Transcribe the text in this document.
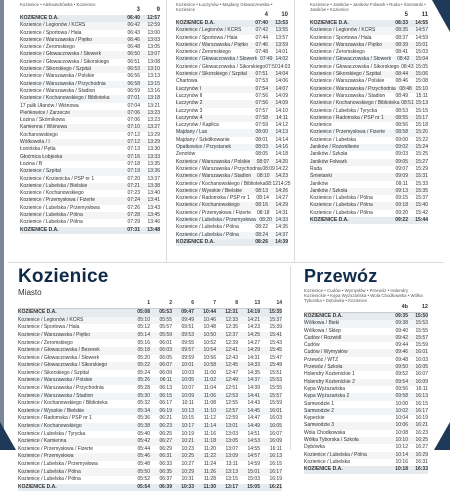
Kozienice • Aleksandrówka • Kozienice
3	9
KOZIENICE D.A.	06:40	12:57
Kozienice / Legionów / KCRS	06:42	12:59
Kozienice / Sportowa / Hala	06:43	13:00
Kozienice / Warszawska / Piętko	06:46	13:03
Kozienice / Żeromskiego	06:48	13:05
Kozienice / Głowaczowska / Słowerk	06:50	13:07
Kozienice / Głowaczowska / Sikorskiego	06:51	13:08
Kozienice / Sikorskiego / Szpital	06:53	13:10
Kozienice / Warszawska / Polskie	06:56	13:13
Kozienice / Warszawska / Przychodnia	06:58	13:15
Kozienice / Warszawska / Stadion	06:59	13:16
Kozienice / Kochanowskiego / Biblioteka	07:01	13:18
17 pułk Ułanów / Wiśnowa	07:04	13:21
Pieńkowice / Zarzecze	07:06	13:23
Łozina / Skórnikowa	07:06	13:23
Kamienna / Wiśnowa	07:10	13:27
Kochanowskiego	07:12	13:29
Wólkowola / I	07:12	13:29
Łonińska / Pętla	07:13	13:30
Głoćmica Łobjeska	07:16	13:33
Łozina / B	07:18	13:35
Kozienice / Szpital	07:19	13:36
Kozienice / Kozienicka / PSP nr 1	07:20	13:37
Kozienice / Lubelska / Bielskie	07:21	13:38
Kozienice / Kochanowskiego	07:23	13:40
Kozienice / Przemysłowa / Fizerte	07:24	13:41
Kozienice / Lubelska / Przemysłowa	07:26	13:43
Kozienice / Lubelska / Pólna	07:28	13:45
Kozienice / Lubelska / Pólna	07:29	13:46
KOZIENICE D.A.	07:31	13:48
Kozienice • Łuczynów • Majdany Głowaczewska • Kozienice
4	10
KOZIENICE D.A.	07:40	13:53
Kozienice / Legionów / KCRS	07:42	13:55
Kozienice / Sportowa / Hala	07:44	13:57
Kozienice / Warszawska / Piętko	07:46	13:59
Kozienice / Żeromskiego	07:48	14:01
Kozienice / Głowaczowska / Słowerk 07:49 14:02
Kozienice / Głowaczowska / Sikorskiego 07:50 14:03
Kozienice / Sikorskiego / Szpital	07:51	14:04
Chartowa	07:53	14:06
Łuczynów I	07:54	14:07
Łuczynów II	07:56	14:09
Łuczynów 2	07:56	14:09
Łuczynów 3	07:57	14:10
Łuczynów 4	07:58	14:11
Łuczynów / Kaplica	07:59	14:12
Majdany / Las	08:00	14:13
Majdany / Szkółkowanie	08:01	14:14
Opatkowice / Przystanek	08:03	14:16
Zenotów	08:05	14:18
Kozienice / Warszawska / Polskie	08:07	14:20
Kozienice / Warszawska / Przychodnia 08:09 14:22
Kozienice / Warszawska / Stadion	08:10	14:23
Kozienice / Kochanowskiego / Biblioteka 08:12 14:25
Kozienice / Wysokie / Bielskie	08:13	14:26
Kozienice / Radomska / PSP nr 1	08:14	14:27
Kozienice / Kochanowskiego	08:16	14:29
Kozienice / Przemysłowa / Fizerte	08:18	14:31
Kozienice / Lubelska / Przemysłowa 08:20 14:33
Kozienice / Lubelska / Pólna	08:22	14:35
Kozienice / Lubelska / Pólna	08:24	14:37
KOZIENICE D.A.	08:26	14:39
Kozienice • Janików • Janików Folwark • Ruda • Śmietanki • Janików • Kozienice
5	11
KOZIENICE D.A.	08:33	14:55
Kozienice / Legionów / KCRS	08:35	14:57
Kozienice / Sportowa / Hala	08:37	14:59
Kozienice / Warszawska / Piętko	08:39	15:01
Kozienice / Żeromskiego	08:41	15:03
Kozienice / Głowaczowska / Słowerk	08:42	15:04
Kozienice / Głowaczowska / Sikorskiego 08:43 15:05
Kozienice / Sikorskiego / Szpital	08:44	15:06
Kozienice / Warszawska / Polskie	08:46	15:08
Kozienice / Warszawska / Przychodnia 08:48 15:10
Kozienice / Warszawska / Stadion	08:49	15:11
Kozienice / Kochanowskiego / Biblioteka 08:51 15:13
Kozienice / Lubelska / Tyrycka	08:53	15:15
Kozienice / Radomska / PSP nr 1	08:55	15:17
Kozienice	08:56	15:18
Kozienice / Przemysłowa / Fizerte	08:58	15:20
Kozienice / Lubelska	09:00	15:22
Janików / Rozwidlenie	09:02	15:24
Janików / Szkoła	09:03	15:25
Janików Folwark	09:05	15:27
Ruda	09:07	15:29
Śmietanki	09:09	15:31
Janików	09:11	15:33
Janików / Szkoła	09:13	15:35
Kozienice / Lubelska / Pólna	09:15	15:37
Kozienice / Lubelska / Pólna	09:18	15:40
Kozienice / Lubelska / Pólna	09:20	15:42
KOZIENICE D.A.	09:22	15:44
Kozienice
Miasto
1	2	6	7	8	13	14
KOZIENICE D.A.	05:08	05:53	09:47	10:44	12:31	14:19	15:35
Kozienice / Legionów / KCRS	05:10	05:55	09:49	10:46	12:33	14:21	15:37
Kozienice / Sportowa / Hala	05:12	05:57	09:51	10:48	12:35	14:23	15:39
Kozienice / Warszawska / Piętko	05:14	05:59	09:53	10:50	12:37	14:25	15:41
Kozienice / Żeromskiego	05:16	06:01	09:55	10:52	12:39	14:27	15:43
Kozienice / Głowaczowska / Bezerek	05:18	06:03	09:57	10:54	12:41	14:29	15:45
Kozienice / Głowaczowska / Słowerk	05:20	06:05	09:59	10:56	12:43	14:31	15:47
Kozienice / Głowaczowska / Sikorskiego	05:22	06:07	10:01	10:58	12:45	14:33	15:49
Kozienice / Sikorskiego / Szpital	05:24	06:09	10:03	11:00	12:47	14:35	15:51
Kozienice / Warszawska / Polskie	05:26	06:11	10:05	11:02	12:49	14:37	15:53
Kozienice / Warszawska / Przychodnia	05:28	06:13	10:07	11:04	12:51	14:39	15:55
Kozienice / Warszawska / Stadion	05:30	06:15	10:09	11:06	12:53	14:41	15:57
Kozienice / Kochanowskiego / Biblioteka	05:32	06:17	10:11	11:08	12:55	14:43	15:59
Kozienice / Wysokie / Bielskie	05:34	06:19	10:13	11:10	12:57	14:45	16:01
Kozienice / Radomska / PSP nr 1	05:36	06:21	10:15	11:12	12:59	14:47	16:03
Kozienice / Kochanowskiego	05:38	06:23	10:17	11:14	13:01	14:49	16:05
Kozienice / Lubelska / Tyrycka	05:40	06:25	10:19	11:16	13:03	14:51	16:07
Kozienice / Kamienna	05:42	06:27	10:21	11:18	13:05	14:53	16:09
Kozienice / Przemysłowa / Fizerte	05:44	06:29	10:23	11:20	13:07	14:55	16:11
Kozienice / Przemysłowa	05:46	06:31	10:25	11:22	13:09	14:57	16:13
Kozienice / Lubelska / Przemysłowa	05:48	06:33	10:27	11:24	13:11	14:59	16:15
Kozienice / Lubelska / Pólna	05:50	06:35	10:29	11:26	13:13	15:01	16:17
Kozienice / Lubelska / Pólna	05:52	06:37	10:31	11:28	13:15	15:03	16:19
KOZIENICE D.A.	05:54	06:39	10:33	11:30	13:17	15:05	16:21
Przewóz
Kozienice • Cudów • Wymysłów • Przewóz • Holendry Kozienickie • Kępa Wyższańska • Wola Chodkowska • Wólka Tyborska • Dębówka • Kozienice
4b	12
KOZIENICE D.A.	09:35	15:50
Wólkowa / Bieki	09:38	15:53
Wólkowa / Sklep	09:40	15:55
Cudów / Rozwidl	09:42	15:57
Cudów	09:44	15:59
Cudów / Wymysłów	09:46	16:01
Przewóz / WTZ	09:48	16:03
Przewóz / Szkoła	09:50	16:05
Holendry Kozienickie 1	09:52	16:07
Holendry Kozienickie 2	09:54	16:09
Kępa Wyższańska	09:56	16:11
Kępa Wyższańska 2	09:58	16:13
Samwodzie 1	10:00	16:15
Samwodzie 2	10:02	16:17
Kępeckie	10:04	16:19
Samwodzie 3	10:06	16:21
Wola Chodkowska	10:08	16:23
Wólka Tyborska / Szkoła	10:10	16:25
Dębówka	10:12	16:27
Kozienice / Lubelska / Pólna	10:14	16:29
Kozienice / Lubelska	10:16	16:31
KOZIENICE D.A.	10:18	16:33
